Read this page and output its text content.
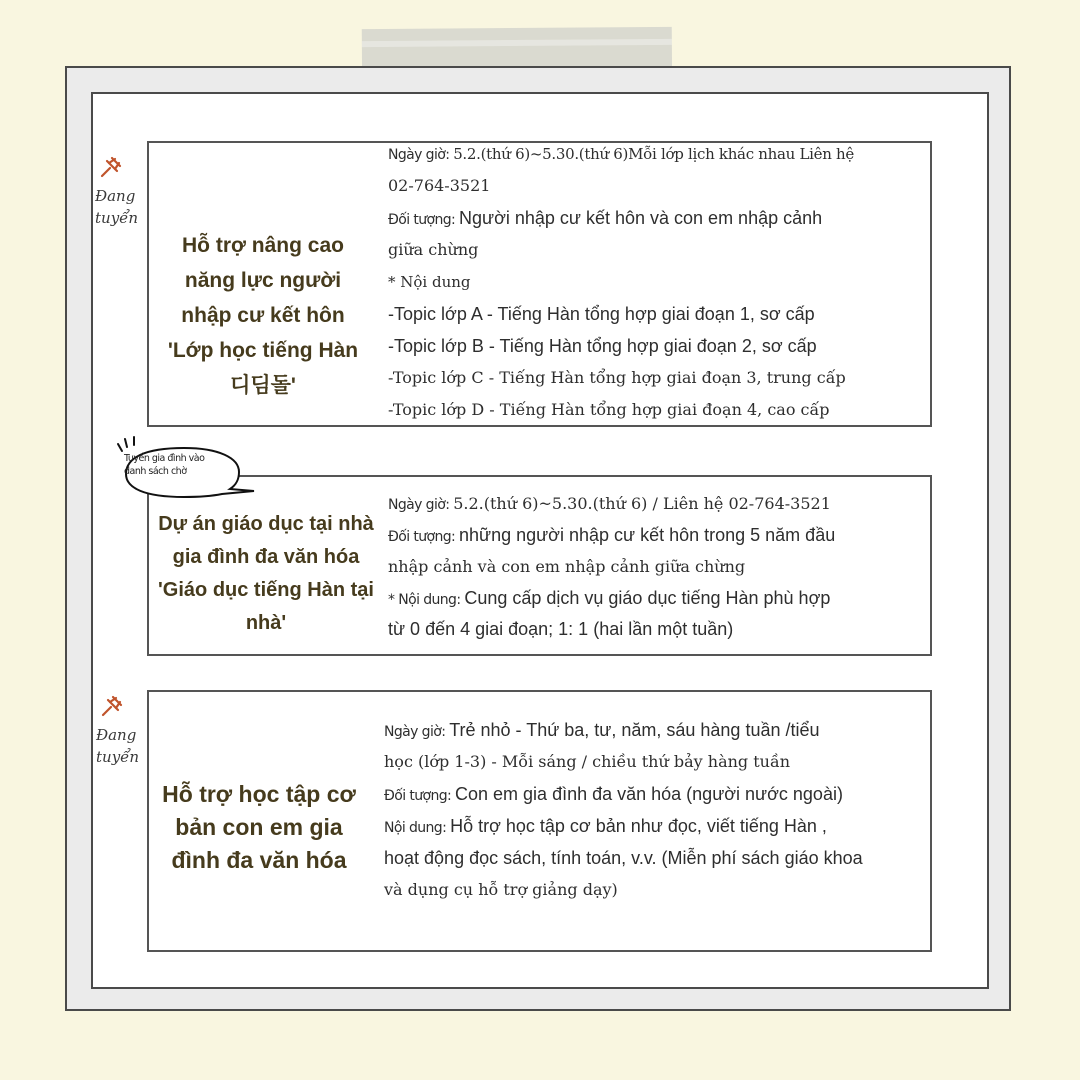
Hỗ trợ nâng cao
năng lực người
nhập cư kết hôn
'Lớp học tiếng Hàn
디딤돌'
Ngày giờ: 5.2.(thứ 6)~5.30.(thứ 6)Mỗi lớp lịch khác nhau Liên hệ
02-764-3521
Đối tượng: Người nhập cư kết hôn và con em nhập cảnh
giữa chừng
* Nội dung
-Topic lớp A - Tiếng Hàn tổng hợp giai đoạn 1, sơ cấp
-Topic lớp B - Tiếng Hàn tổng hợp giai đoạn 2, sơ cấp
-Topic lớp C - Tiếng Hàn tổng hợp giai đoạn 3, trung cấp
-Topic lớp D - Tiếng Hàn tổng hợp giai đoạn 4, cao cấp
Dự án giáo dục tại nhà
gia đình đa văn hóa
'Giáo dục tiếng Hàn tại
nhà'
Ngày giờ: 5.2.(thứ 6)~5.30.(thứ 6) / Liên hệ 02-764-3521
Đối tượng: những người nhập cư kết hôn trong 5 năm đầu
nhập cảnh và con em nhập cảnh giữa chừng
* Nội dung: Cung cấp dịch vụ giáo dục tiếng Hàn phù hợp
từ 0 đến 4 giai đoạn; 1: 1 (hai lần một tuần)
Hỗ trợ học tập cơ
bản con em gia
đình đa văn hóa
Ngày giờ: Trẻ nhỏ - Thứ ba, tư, năm, sáu hàng tuần /tiểu
học (lớp 1-3) - Mỗi sáng / chiều thứ bảy hàng tuần
Đối tượng: Con em gia đình đa văn hóa (người nước ngoài)
Nội dung: Hỗ trợ học tập cơ bản như đọc, viết tiếng Hàn ,
hoạt động đọc sách, tính toán, v.v. (Miễn phí sách giáo khoa
và dụng cụ hỗ trợ giảng dạy)
Đang
tuyển
Đang
tuyển
Tuyển gia đình vào
danh sách chờ
